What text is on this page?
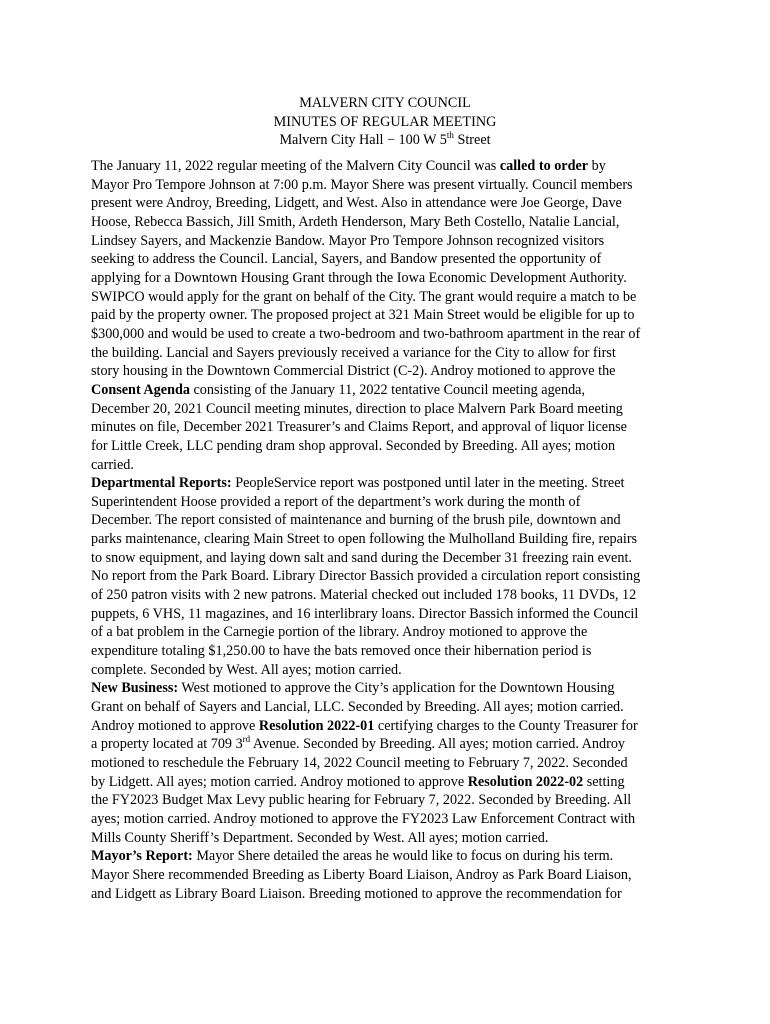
MALVERN CITY COUNCIL
MINUTES OF REGULAR MEETING
Malvern City Hall − 100 W 5th Street
The January 11, 2022 regular meeting of the Malvern City Council was called to order by
Mayor Pro Tempore Johnson at 7:00 p.m. Mayor Shere was present virtually. Council members
present were Androy, Breeding, Lidgett, and West. Also in attendance were Joe George, Dave
Hoose, Rebecca Bassich, Jill Smith, Ardeth Henderson, Mary Beth Costello, Natalie Lancial,
Lindsey Sayers, and Mackenzie Bandow. Mayor Pro Tempore Johnson recognized visitors
seeking to address the Council. Lancial, Sayers, and Bandow presented the opportunity of
applying for a Downtown Housing Grant through the Iowa Economic Development Authority.
SWIPCO would apply for the grant on behalf of the City. The grant would require a match to be
paid by the property owner. The proposed project at 321 Main Street would be eligible for up to
$300,000 and would be used to create a two-bedroom and two-bathroom apartment in the rear of
the building. Lancial and Sayers previously received a variance for the City to allow for first
story housing in the Downtown Commercial District (C-2). Androy motioned to approve the
Consent Agenda consisting of the January 11, 2022 tentative Council meeting agenda,
December 20, 2021 Council meeting minutes, direction to place Malvern Park Board meeting
minutes on file, December 2021 Treasurer’s and Claims Report, and approval of liquor license
for Little Creek, LLC pending dram shop approval. Seconded by Breeding. All ayes; motion
carried.
Departmental Reports: PeopleService report was postponed until later in the meeting. Street
Superintendent Hoose provided a report of the department’s work during the month of
December. The report consisted of maintenance and burning of the brush pile, downtown and
parks maintenance, clearing Main Street to open following the Mulholland Building fire, repairs
to snow equipment, and laying down salt and sand during the December 31 freezing rain event.
No report from the Park Board. Library Director Bassich provided a circulation report consisting
of 250 patron visits with 2 new patrons. Material checked out included 178 books, 11 DVDs, 12
puppets, 6 VHS, 11 magazines, and 16 interlibrary loans. Director Bassich informed the Council
of a bat problem in the Carnegie portion of the library. Androy motioned to approve the
expenditure totaling $1,250.00 to have the bats removed once their hibernation period is
complete. Seconded by West. All ayes; motion carried.
New Business: West motioned to approve the City’s application for the Downtown Housing
Grant on behalf of Sayers and Lancial, LLC. Seconded by Breeding. All ayes; motion carried.
Androy motioned to approve Resolution 2022-01 certifying charges to the County Treasurer for
a property located at 709 3rd Avenue. Seconded by Breeding. All ayes; motion carried. Androy
motioned to reschedule the February 14, 2022 Council meeting to February 7, 2022. Seconded
by Lidgett. All ayes; motion carried. Androy motioned to approve Resolution 2022-02 setting
the FY2023 Budget Max Levy public hearing for February 7, 2022. Seconded by Breeding. All
ayes; motion carried. Androy motioned to approve the FY2023 Law Enforcement Contract with
Mills County Sheriff’s Department. Seconded by West. All ayes; motion carried.
Mayor’s Report: Mayor Shere detailed the areas he would like to focus on during his term.
Mayor Shere recommended Breeding as Liberty Board Liaison, Androy as Park Board Liaison,
and Lidgett as Library Board Liaison. Breeding motioned to approve the recommendation for
